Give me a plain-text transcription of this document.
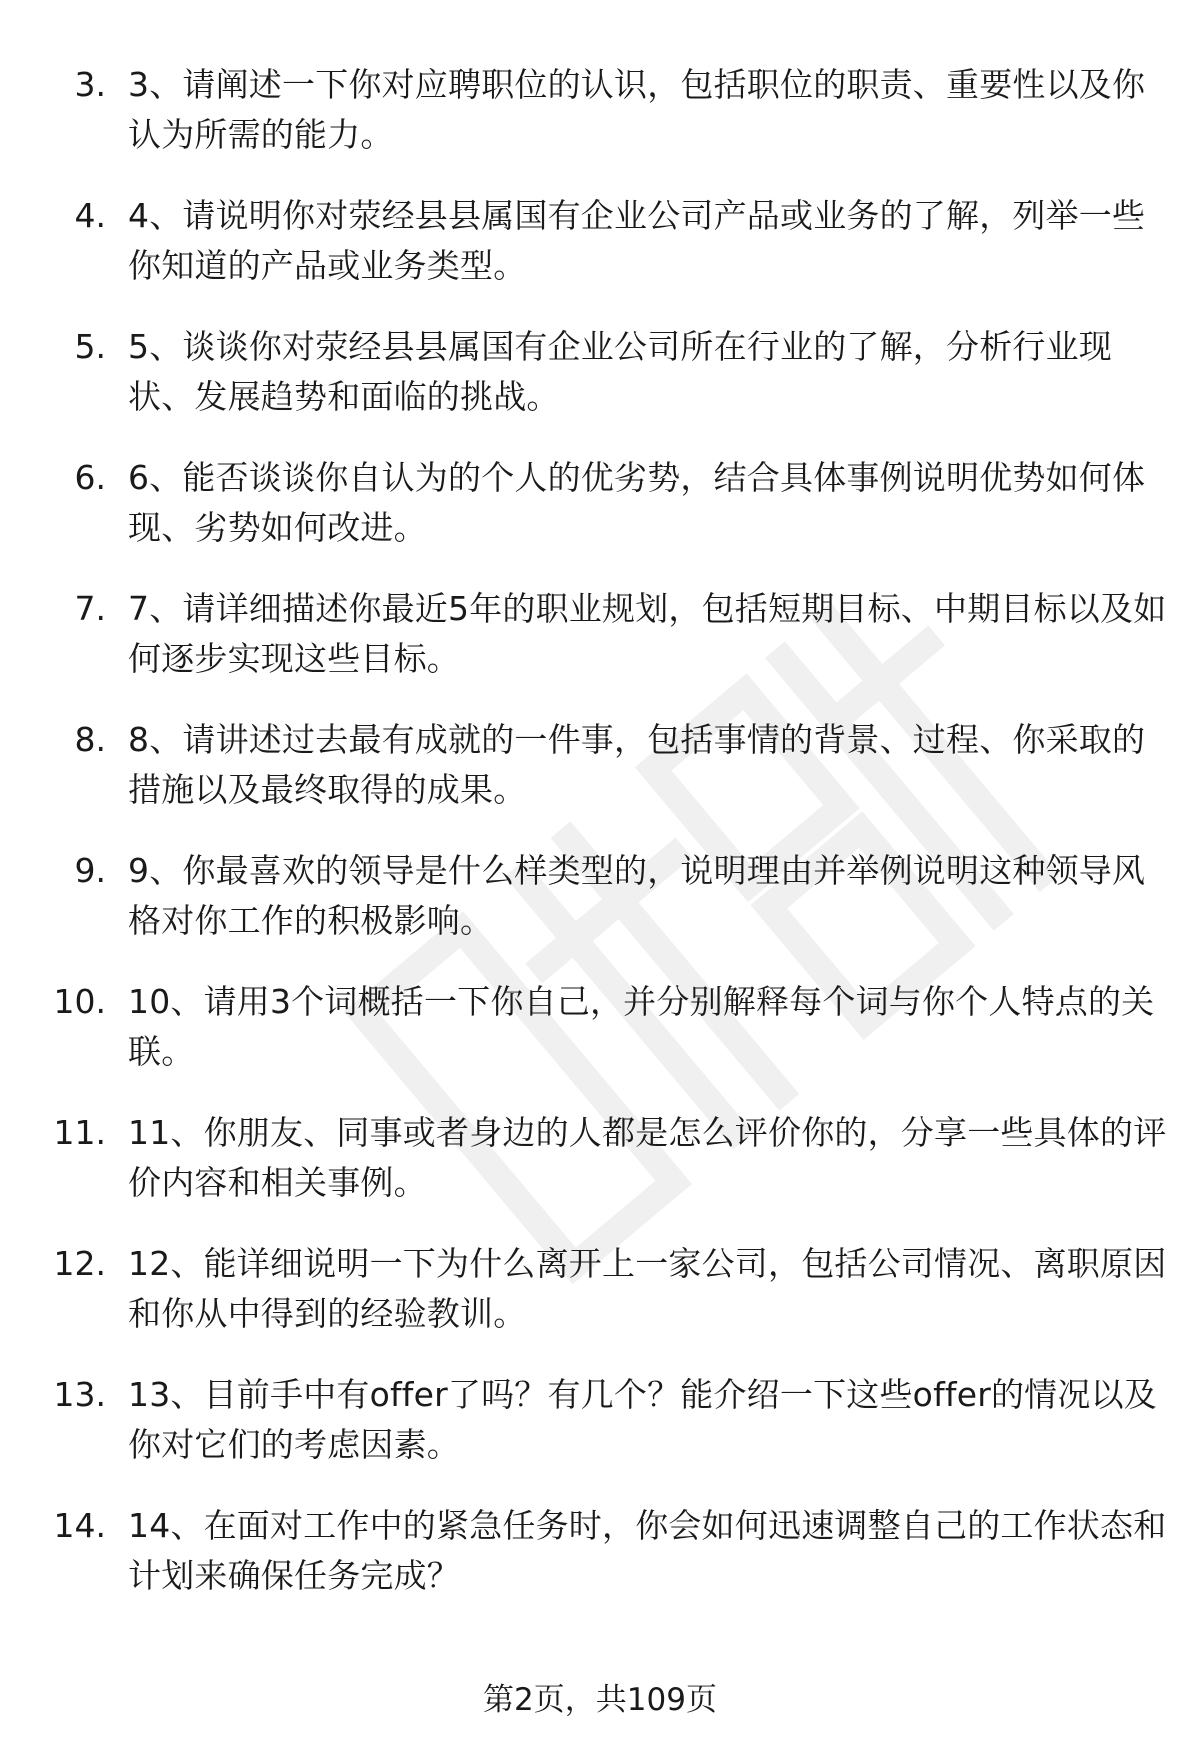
3. 3、请阐述一下你对应聘职位的认识，包括职位的职责、重要性以及你认为所需的能力。
4. 4、请说明你对荥经县县属国有企业公司产品或业务的了解，列举一些你知道的产品或业务类型。
5. 5、谈谈你对荥经县县属国有企业公司所在行业的了解，分析行业现状、发展趋势和面临的挑战。
6. 6、能否谈谈你自认为的个人的优劣势，结合具体事例说明优势如何体现、劣势如何改进。
7. 7、请详细描述你最近5年的职业规划，包括短期目标、中期目标以及如何逐步实现这些目标。
8. 8、请讲述过去最有成就的一件事，包括事情的背景、过程、你采取的措施以及最终取得的成果。
9. 9、你最喜欢的领导是什么样类型的，说明理由并举例说明这种领导风格对你工作的积极影响。
10. 10、请用3个词概括一下你自己，并分别解释每个词与你个人特点的关联。
11. 11、你朋友、同事或者身边的人都是怎么评价你的，分享一些具体的评价内容和相关事例。
12. 12、能详细说明一下为什么离开上一家公司，包括公司情况、离职原因和你从中得到的经验教训。
13. 13、目前手中有offer了吗？有几个？能介绍一下这些offer的情况以及你对它们的考虑因素。
14. 14、在面对工作中的紧急任务时，你会如何迅速调整自己的工作状态和计划来确保任务完成？
第2页，共109页
